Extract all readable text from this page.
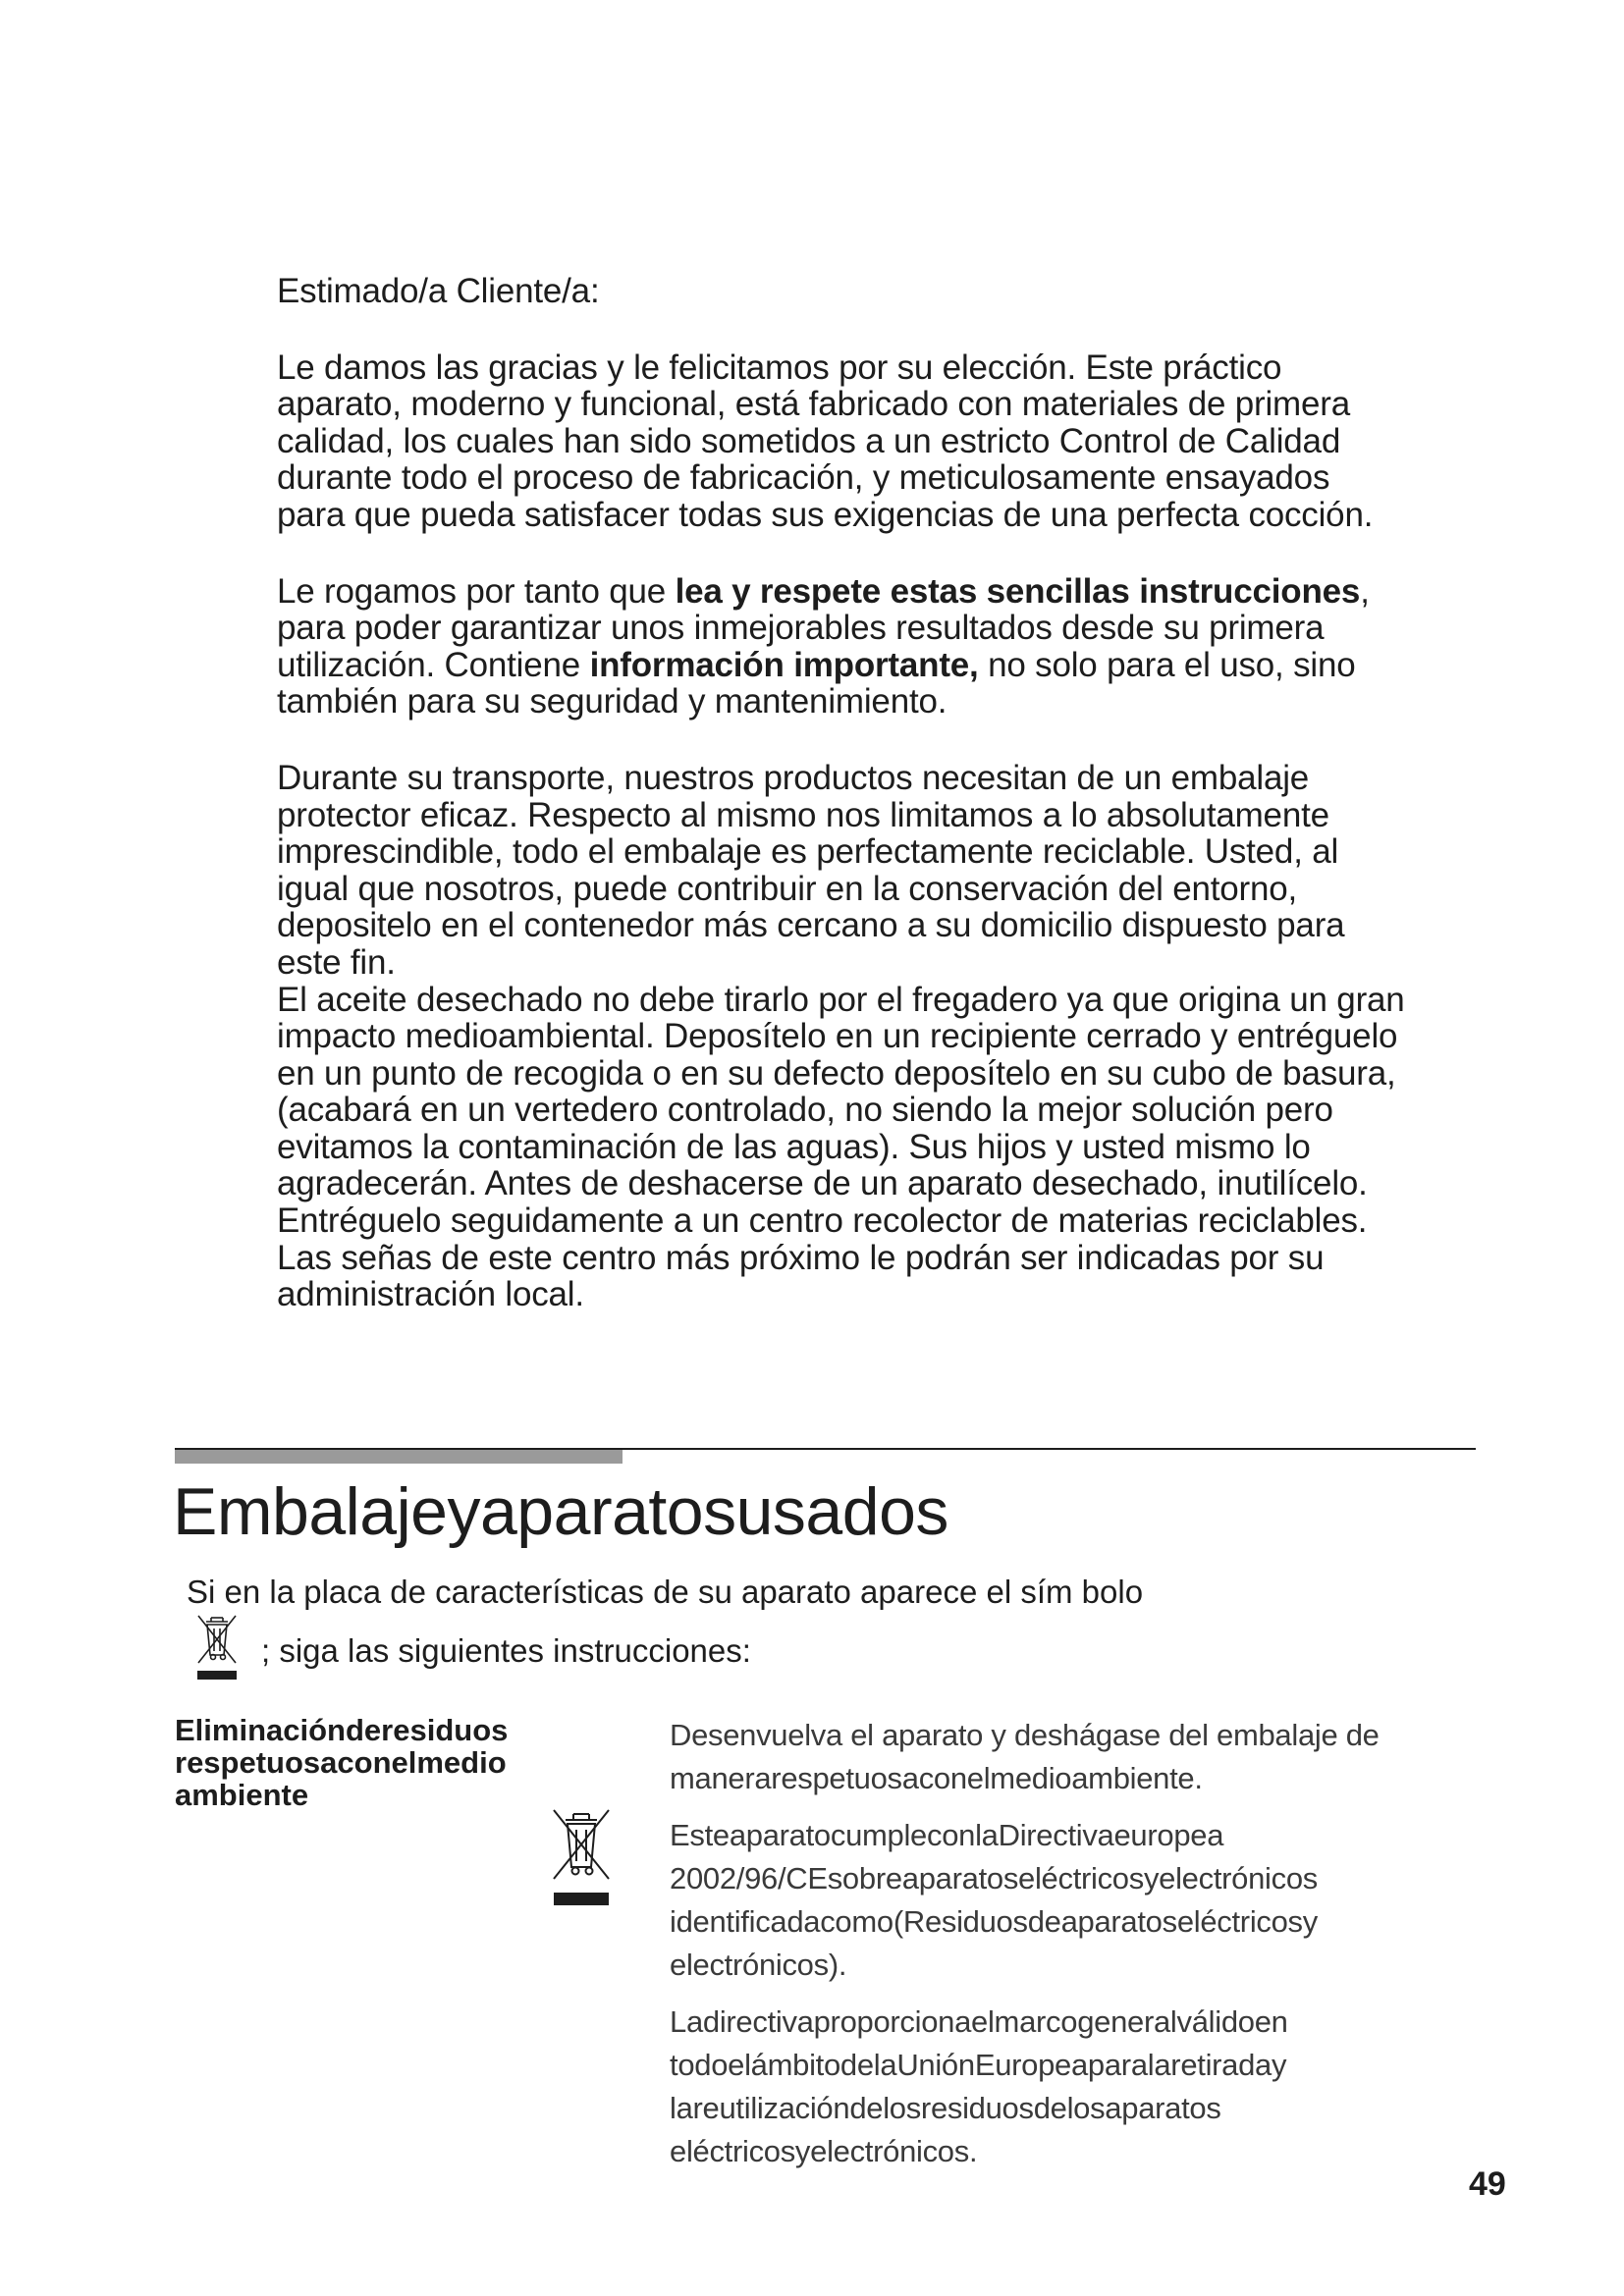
Estimado/a Cliente/a:

Le damos las gracias y le felicitamos por su elección. Este práctico aparato, moderno y funcional, está fabricado con materiales de primera calidad, los cuales han sido sometidos a un estricto Control de Calidad durante todo el proceso de fabricación, y meticulosamente ensayados para que pueda satisfacer todas sus exigencias de una perfecta cocción.

Le rogamos por tanto que lea y respete estas sencillas instrucciones, para poder garantizar unos inmejorables resultados desde su primera utilización. Contiene información importante, no solo para el uso, sino también para su seguridad y mantenimiento.

Durante su transporte, nuestros productos necesitan de un embalaje protector eficaz. Respecto al mismo nos limitamos a lo absolutamente imprescindible, todo el embalaje es perfectamente reciclable. Usted, al igual que nosotros, puede contribuir en la conservación del entorno, depositelo en el contenedor más cercano a su domicilio dispuesto para este fin.

El aceite desechado no debe tirarlo por el fregadero ya que origina un gran impacto medioambiental. Deposítelo en un recipiente cerrado y entréguelo en un punto de recogida o en su defecto deposítelo en su cubo de basura, (acabará en un vertedero controlado, no siendo la mejor solución pero evitamos la contaminación de las aguas). Sus hijos y usted mismo lo agradecerán. Antes de deshacerse de un aparato desechado, inutilícelo. Entréguelo seguidamente a un centro recolector de materias reciclables. Las señas de este centro más próximo le podrán ser indicadas por su administración local.

Embalajeyaparatosusados
Si en la placa de características de su aparato aparece el sím bolo
; siga las siguientes instrucciones:
Eliminaciónderesiduos respetuosaconelmedio ambiente

Desenvuelva el aparato y deshágase del embalaje de manerarespetuosaconelmedioambiente.

EsteaparatocumpleconlaDirectivaeuropea 2002/96/CEsobreaparatoseléctricosyelectrónicos identificadacomo(Residuosdeaparatoseléctricosy electrónicos).

Ladirectivaproporcionaelmarcogeneralválidoen todoelámbitodelaUniónEuropeaparalaretiraday lareutilizacióndelosresiduosdelosaparatos eléctricosyelectrónicos.

49
